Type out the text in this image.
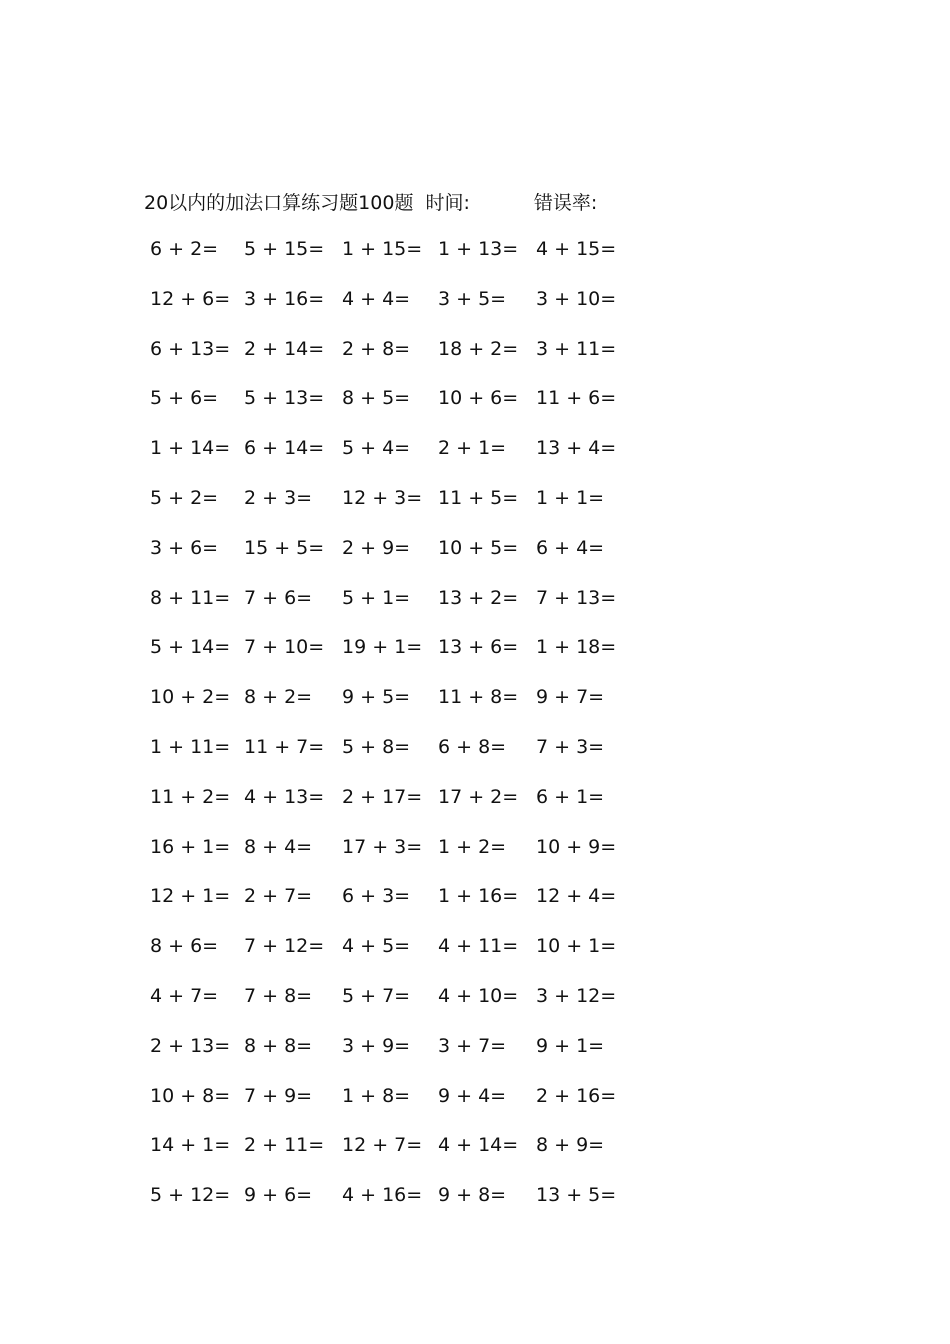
20以内的加法口算练习题100题 时间:	错误率:
6 + 2= 5 + 15= 1 + 15= 1 + 13= 4 + 15=
12 + 6= 3 + 16= 4 + 4= 3 + 5= 3 + 10=
6 + 13= 2 + 14= 2 + 8= 18 + 2= 3 + 11=
5 + 6= 5 + 13= 8 + 5= 10 + 6= 11 + 6=
1 + 14= 6 + 14= 5 + 4= 2 + 1= 13 + 4=
5 + 2= 2 + 3= 12 + 3= 11 + 5= 1 + 1=
3 + 6= 15 + 5= 2 + 9= 10 + 5= 6 + 4=
8 + 11= 7 + 6= 5 + 1= 13 + 2= 7 + 13=
5 + 14= 7 + 10= 19 + 1= 13 + 6= 1 + 18=
10 + 2= 8 + 2= 9 + 5= 11 + 8= 9 + 7=
1 + 11= 11 + 7= 5 + 8= 6 + 8= 7 + 3=
11 + 2= 4 + 13= 2 + 17= 17 + 2= 6 + 1=
16 + 1= 8 + 4= 17 + 3= 1 + 2= 10 + 9=
12 + 1= 2 + 7= 6 + 3= 1 + 16= 12 + 4=
8 + 6= 7 + 12= 4 + 5= 4 + 11= 10 + 1=
4 + 7= 7 + 8= 5 + 7= 4 + 10= 3 + 12=
2 + 13= 8 + 8= 3 + 9= 3 + 7= 9 + 1=
10 + 8= 7 + 9= 1 + 8= 9 + 4= 2 + 16=
14 + 1= 2 + 11= 12 + 7= 4 + 14= 8 + 9=
5 + 12= 9 + 6= 4 + 16= 9 + 8= 13 + 5=
